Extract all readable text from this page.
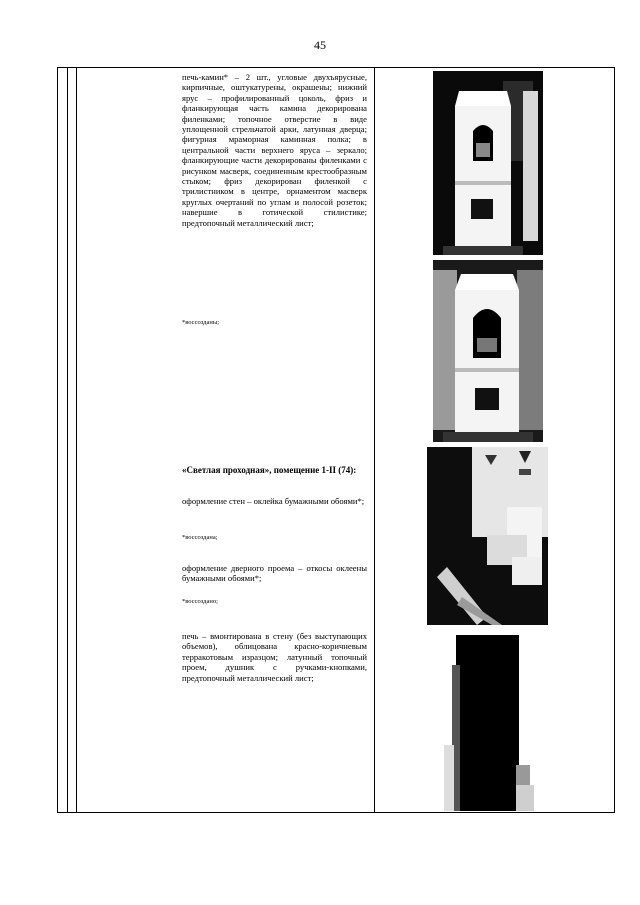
45

печь-камин* – 2 шт., угловые двухъярусные, кирпичные, оштукатурены, окрашены; нижний ярус – профилированный цоколь, фриз и фланкирующая часть камина декорирована филенками; топочное отверстие в виде уплощенной стрельчатой арки, латунная дверца; фигурная мраморная каминная полка; в центральной части верхнего яруса – зеркало; фланкирующие части декорированы филенками с рисунком масверк, соединенным крестообразным стыком; фриз декорирован филенкой с трилистником в центре, орнаментом масверк круглых очертаний по углам и полосой розеток; навершие в готической стилистике; предтопочный металлический лист;

*воссозданы;
«Светлая проходная», помещение 1-II (74):
оформление стен – оклейка бумажными обоями*;
*воссоздана;
оформление дверного проема – откосы оклеены бумажными обоями*;
*воссоздано;
печь – вмонтирована в стену (без выступающих объемов), облицована красно-коричневым терракотовым изразцом; латунный топочный проем, душник с ручками-кнопками, предтопочный металлический лист;
